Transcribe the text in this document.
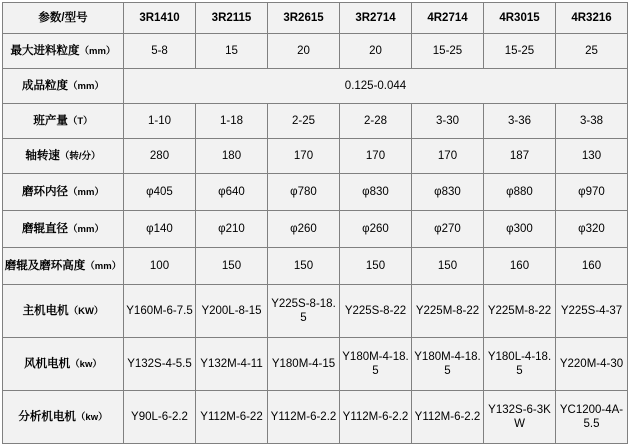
参数/型号	3R1410	3R2115	3R2615	3R2714	4R2714	4R3015	4R3216
最大进料粒度（mm）	5-8	15	20	20	15-25	15-25	25
成品粒度（mm）	0.125-0.044						
班产量（T）	1-10	1-18	2-25	2-28	3-30	3-36	3-38
轴转速（转/分）	280	180	170	170	170	187	130
磨环内径（mm）	φ405	φ640	φ780	φ830	φ830	φ880	φ970
磨辊直径（mm）	φ140	φ210	φ260	φ260	φ270	φ300	φ320
磨辊及磨环高度（mm）	100	150	150	150	150	160	160
主机电机（KW）	Y160M-6-7.5	Y200L-8-15	Y225S-8-18.5	Y225S-8-22	Y225M-8-22	Y225M-8-22	Y225S-4-37
风机电机（kw）	Y132S-4-5.5	Y132M-4-11	Y180M-4-15	Y180M-4-18.5	Y180M-4-18.5	Y180L-4-18.5	Y220M-4-30
分析机电机（kw）	Y90L-6-2.2	Y112M-6-22	Y112M-6-2.2	Y112M-6-2.2	Y112M-6-2.2	Y132S-6-3KW	YC1200-4A-5.5
